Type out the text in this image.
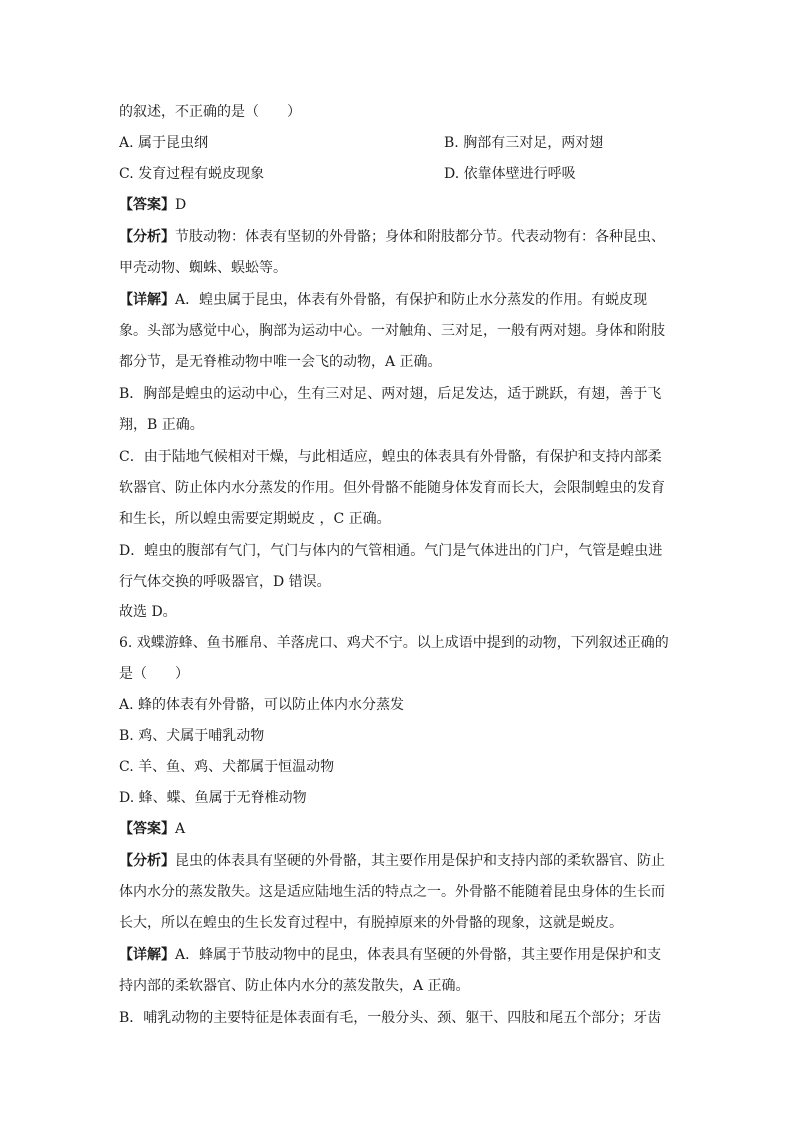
的叙述，不正确的是（　　）
A. 属于昆虫纲	B. 胸部有三对足，两对翅
C. 发育过程有蜕皮现象	D. 依靠体壁进行呼吸
【答案】D
【分析】节肢动物：体表有坚韧的外骨骼；身体和附肢都分节。代表动物有：各种昆虫、
甲壳动物、蜘蛛、蜈蚣等。
【详解】A．蝗虫属于昆虫，体表有外骨骼，有保护和防止水分蒸发的作用。有蜕皮现
象。头部为感觉中心，胸部为运动中心。一对触角、三对足，一般有两对翅。身体和附肢
都分节，是无脊椎动物中唯一会飞的动物，A 正确。
B．胸部是蝗虫的运动中心，生有三对足、两对翅，后足发达，适于跳跃，有翅，善于飞
翔，B 正确。
C．由于陆地气候相对干燥，与此相适应，蝗虫的体表具有外骨骼，有保护和支持内部柔
软器官、防止体内水分蒸发的作用。但外骨骼不能随身体发育而长大，会限制蝗虫的发育
和生长，所以蝗虫需要定期蜕皮 ，C 正确。
D．蝗虫的腹部有气门，气门与体内的气管相通。气门是气体进出的门户，气管是蝗虫进
行气体交换的呼吸器官，D 错误。
故选 D。
6. 戏蝶游蜂、鱼书雁帛、羊落虎口、鸡犬不宁。以上成语中提到的动物，下列叙述正确的
是（　　）
A. 蜂的体表有外骨骼，可以防止体内水分蒸发
B. 鸡、犬属于哺乳动物
C. 羊、鱼、鸡、犬都属于恒温动物
D. 蜂、蝶、鱼属于无脊椎动物
【答案】A
【分析】昆虫的体表具有坚硬的外骨骼，其主要作用是保护和支持内部的柔软器官、防止
体内水分的蒸发散失。这是适应陆地生活的特点之一。外骨骼不能随着昆虫身体的生长而
长大，所以在蝗虫的生长发育过程中，有脱掉原来的外骨骼的现象，这就是蜕皮。
【详解】A．蜂属于节肢动物中的昆虫，体表具有坚硬的外骨骼，其主要作用是保护和支
持内部的柔软器官、防止体内水分的蒸发散失，A 正确。
B．哺乳动物的主要特征是体表面有毛，一般分头、颈、躯干、四肢和尾五个部分；牙齿
